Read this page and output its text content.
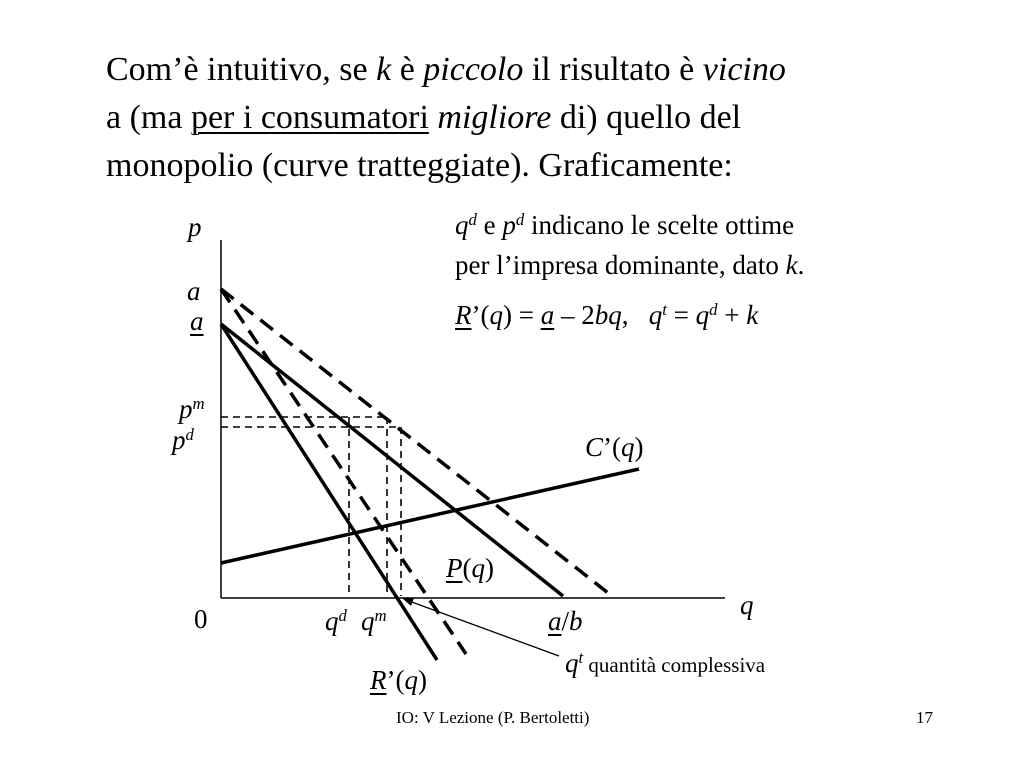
Com’è intuitivo, se k è piccolo il risultato è vicino

a (ma per i consumatori migliore di) quello del

monopolio (curve tratteggiate). Graficamente:

$q^d$ e $p^d$ indicano le scelte ottime

per l’impresa dominante, dato k.

R’(q) = a – 2bq, $q^t = q^d + k$

p
q
0
a
a
$p^m$
$p^d$	C’(q)
P(q)
R’(q)
$q^d$ $q^m$	a/b
$q^t$ quantità complessiva
IO: V Lezione (P. Bertoletti)	17
